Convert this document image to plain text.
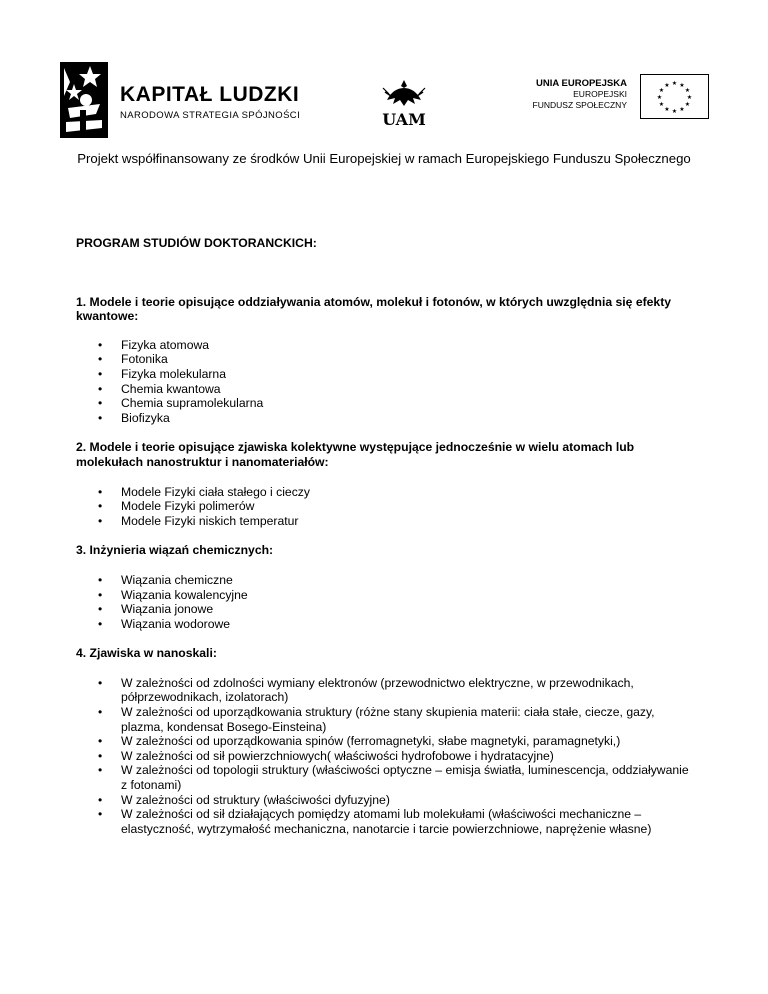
KAPITAŁ LUDZKI
NARODOWA STRATEGIA SPÓJNOŚCI	UAM
UNIA EUROPEJSKA
EUROPEJSKI
FUNDUSZ SPOŁECZNY
★ ★
★
★
★
★
★
★
★
★
★
★
Projekt współfinansowany ze środków Unii Europejskiej w ramach Europejskiego Funduszu Społecznego

PROGRAM STUDIÓW DOKTORANCKICH:

1. Modele i teorie opisujące oddziaływania atomów, molekuł i fotonów, w których uwzględnia się efekty kwantowe:

• Fizyka atomowa
• Fotonika
• Fizyka molekularna
• Chemia kwantowa
• Chemia supramolekularna
• Biofizyka

2. Modele i teorie opisujące zjawiska kolektywne występujące jednocześnie w wielu atomach lub molekułach nanostruktur i nanomateriałów:

• Modele Fizyki ciała stałego i cieczy
• Modele Fizyki polimerów
• Modele Fizyki niskich temperatur

3. Inżynieria wiązań chemicznych:

• Wiązania chemiczne
• Wiązania kowalencyjne
• Wiązania jonowe
• Wiązania wodorowe

4. Zjawiska w nanoskali:

• W zależności od zdolności wymiany elektronów (przewodnictwo elektryczne, w przewodnikach, półprzewodnikach, izolatorach)
• W zależności od uporządkowania struktury (różne stany skupienia materii: ciała stałe, ciecze, gazy, plazma, kondensat Bosego-Einsteina)
• W zależności od uporządkowania spinów (ferromagnetyki, słabe magnetyki, paramagnetyki,)
• W zależności od sił powierzchniowych( właściwości hydrofobowe i hydratacyjne)
• W zależności od topologii struktury (właściwości optyczne – emisja światła, luminescencja, oddziaływanie z fotonami)
• W zależności od struktury (właściwości dyfuzyjne)
• W zależności od sił działających pomiędzy atomami lub molekułami (właściwości mechaniczne – elastyczność, wytrzymałość mechaniczna, nanotarcie i tarcie powierzchniowe, naprężenie własne)
